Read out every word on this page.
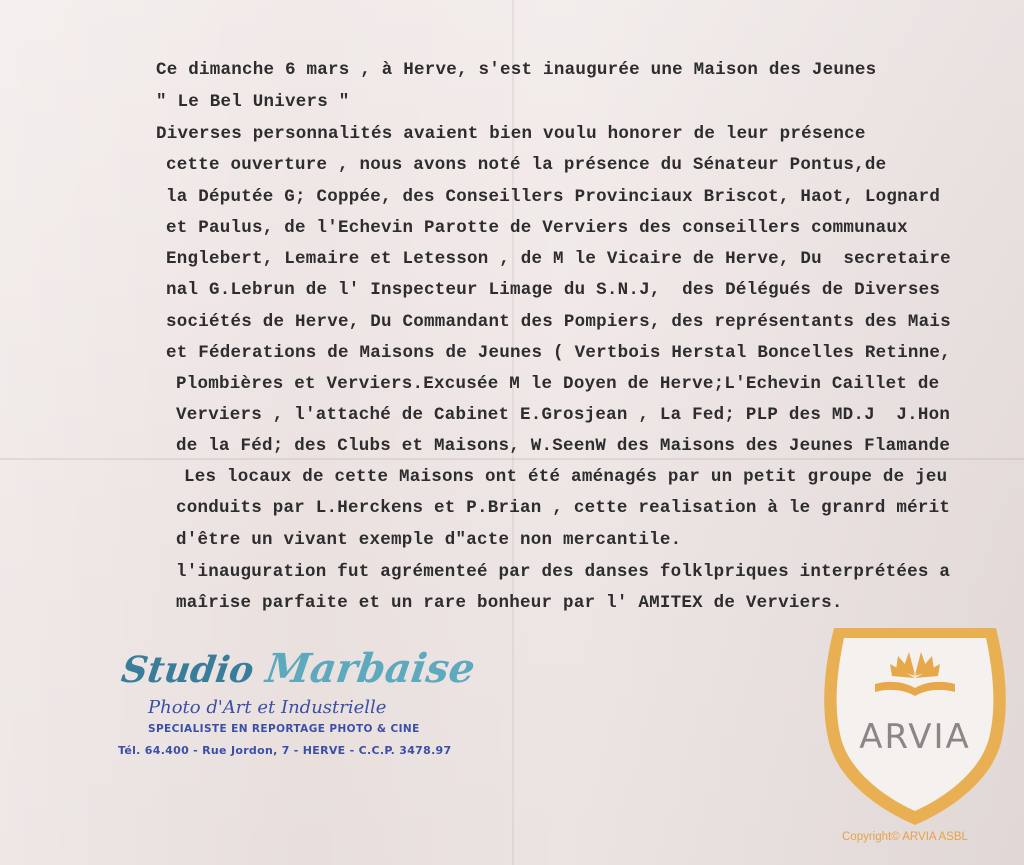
Ce dimanche 6 mars , à Herve, s'est inaugurée une Maison des Jeunes

" Le Bel Univers "

Diverses personnalités avaient bien voulu honorer de leur présence

cette ouverture , nous avons noté la présence du Sénateur Pontus,de

la Députée G; Coppée, des Conseillers Provinciaux Briscot, Haot, Lognard

et Paulus, de l'Echevin Parotte de Verviers des conseillers communaux

Englebert, Lemaire et Letesson , de M le Vicaire de Herve, Du  secretaire

nal G.Lebrun de l' Inspecteur Limage du S.N.J,  des Délégués de Diverses

sociétés de Herve, Du Commandant des Pompiers, des représentants des Mais

et Féderations de Maisons de Jeunes ( Vertbois Herstal Boncelles Retinne,

Plombières et Verviers.Excusée M le Doyen de Herve;L'Echevin Caillet de

Verviers , l'attaché de Cabinet E.Grosjean , La Fed; PLP des MD.J  J.Hon

de la Féd; des Clubs et Maisons, W.SeenW des Maisons des Jeunes Flamande

Les locaux de cette Maisons ont été aménagés par un petit groupe de jeu

conduits par L.Herckens et P.Brian , cette realisation à le granrd mérit

d'être un vivant exemple d"acte non mercantile.

l'inauguration fut agrémenteé par des danses folklpriques interprétées a

maîrise parfaite et un rare bonheur par l' AMITEX de Verviers.

Studio Marbaise
Photo d'Art et Industrielle
SPECIALISTE EN REPORTAGE PHOTO & CINE
Tél. 64.400 - Rue Jordon, 7 - HERVE - C.C.P. 3478.97	ARVIA
Copyright© ARVIA ASBL
